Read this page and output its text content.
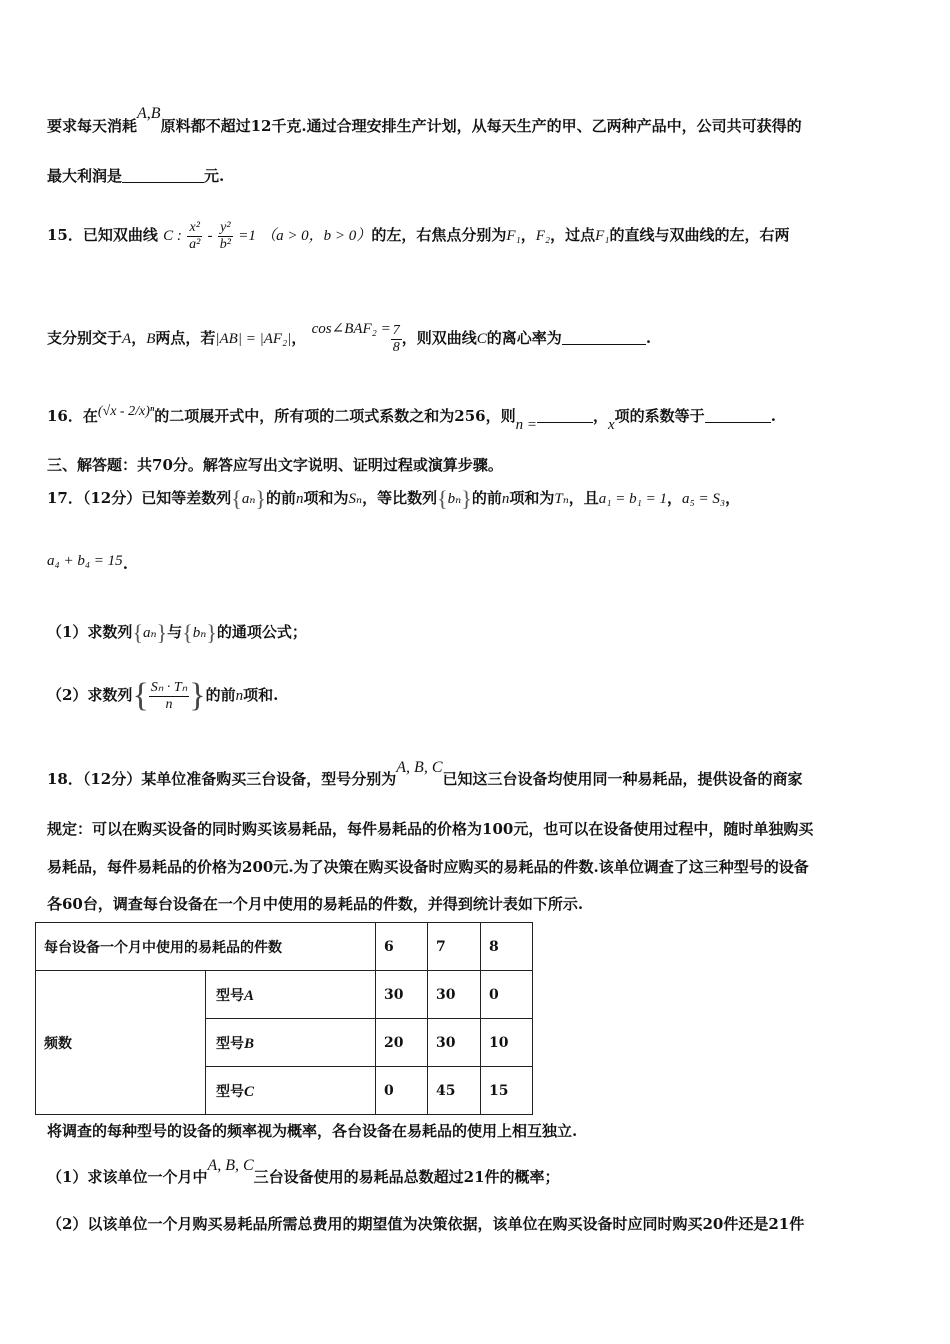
要求每天消耗A,B原料都不超过12千克.通过合理安排生产计划，从每天生产的甲、乙两种产品中，公司共可获得的
最大利润是	元.
15．已知双曲线 C : $\frac{\text{x²}}{\text{a²}} - \frac{\text{y²}}{\text{b²}} =1$ （a > 0，b > 0）的左，右焦点分别为F₁，F₂，过点F₁的直线与双曲线的左，右两
支分别交于A，B两点，若|AB| = |AF₂|， cos∠BAF₂ = $\frac{7}{8}$ ，则双曲线C的离心率为	.
16．在(√x - 2/x)ⁿ的二项展开式中，所有项的二项式系数之和为256，则n =	，x项的系数等于	.
三、解答题：共70分。解答应写出文字说明、证明过程或演算步骤。
17．（12分）已知等差数列{aₙ}的前n项和为Sₙ，等比数列{bₙ}的前n项和为Tₙ，且a₁ = b₁ = 1，a₅ = S₃，
a₄ + b₄ = 15.
（1）求数列{aₙ}与{bₙ}的通项公式；
（2）求数列{ $\frac{\text{Sₙ · Tₙ}}{n}$ }的前n项和.
18．（12分）某单位准备购买三台设备，型号分别为A, B, C已知这三台设备均使用同一种易耗品，提供设备的商家
规定：可以在购买设备的同时购买该易耗品，每件易耗品的价格为100元，也可以在设备使用过程中，随时单独购买
易耗品，每件易耗品的价格为200元.为了决策在购买设备时应购买的易耗品的件数.该单位调查了这三种型号的设备
各60台，调查每台设备在一个月中使用的易耗品的件数，并得到统计表如下所示.
每台设备一个月中使用的易耗品的件数		6	7	8
频数	型号A	30	30	0
	型号B	20	30	10
	型号C	0	45	15
将调查的每种型号的设备的频率视为概率，各台设备在易耗品的使用上相互独立.
（1）求该单位一个月中A, B, C三台设备使用的易耗品总数超过21件的概率；
（2）以该单位一个月购买易耗品所需总费用的期望值为决策依据，该单位在购买设备时应同时购买20件还是21件
